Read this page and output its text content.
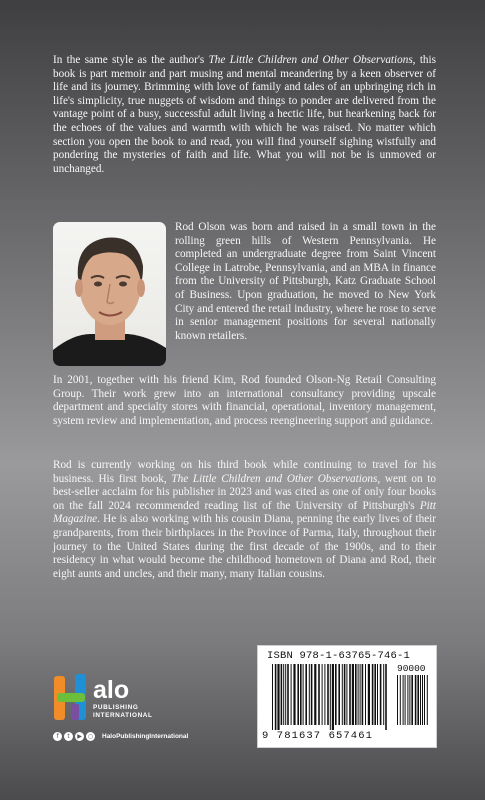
In the same style as the author's The Little Children and Other Observations, this book is part memoir and part musing and mental meandering by a keen observer of life and its journey. Brimming with love of family and tales of an upbringing rich in life's simplicity, true nuggets of wisdom and things to ponder are delivered from the vantage point of a busy, successful adult living a hectic life, but hearkening back for the echoes of the values and warmth with which he was raised. No matter which section you open the book to and read, you will find yourself sighing wistfully and pondering the mysteries of faith and life. What you will not be is unmoved or unchanged.

Rod Olson was born and raised in a small town in the rolling green hills of Western Pennsylvania. He completed an undergraduate degree from Saint Vincent College in Latrobe, Pennsylvania, and an MBA in finance from the University of Pittsburgh, Katz Graduate School of Business. Upon graduation, he moved to New York City and entered the retail industry, where he rose to serve in senior management positions for several nationally known retailers.

In 2001, together with his friend Kim, Rod founded Olson-Ng Retail Consulting Group. Their work grew into an international consultancy providing upscale department and specialty stores with financial, operational, inventory management, system review and implementation, and process reengineering support and guidance.

Rod is currently working on his third book while continuing to travel for his business. His first book, The Little Children and Other Observations, went on to best-seller acclaim for his publisher in 2023 and was cited as one of only four books on the fall 2024 recommended reading list of the University of Pittsburgh's Pitt Magazine. He is also working with his cousin Diana, penning the early lives of their grandparents, from their birthplaces in the Province of Parma, Italy, throughout their journey to the United States during the first decade of the 1900s, and to their residency in what would become the childhood hometown of Diana and Rod, their eight aunts and uncles, and their many, many Italian cousins.

alo
PUBLISHING
INTERNATIONAL
f	t	▶	○ HaloPublishingInternational
ISBN 978-1-63765-746-1
90000
9 781637 657461
